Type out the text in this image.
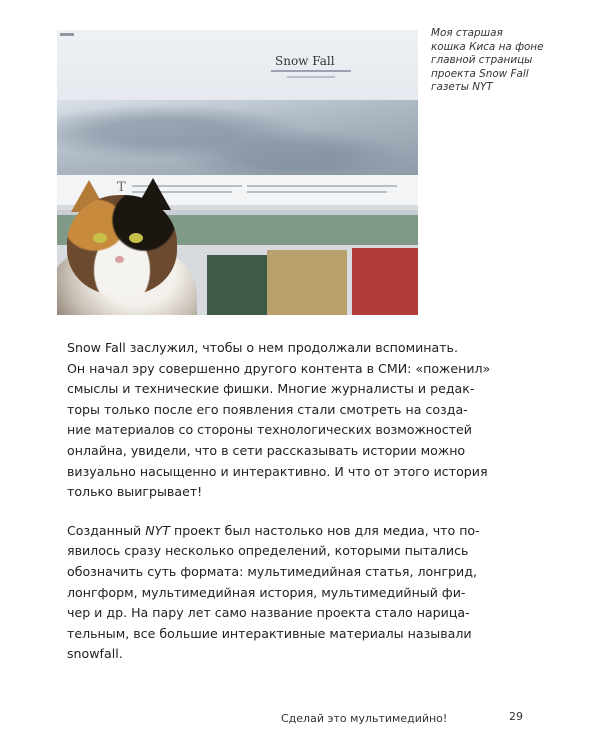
Snow Fall
T
Моя старшая
кошка Киса на фоне
главной страницы
проекта Snow Fall
газеты NYT

Snow Fall заслужил, чтобы о нем продолжали вспоминать.
Он начал эру совершенно другого контента в СМИ: «поженил»
смыслы и технические фишки. Многие журналисты и редак-
торы только после его появления стали смотреть на созда-
ние материалов со стороны технологических возможностей
онлайна, увидели, что в сети рассказывать истории можно
визуально насыщенно и интерактивно. И что от этого история
только выигрывает!

Созданный NYT проект был настолько нов для медиа, что по-
явилось сразу несколько определений, которыми пытались
обозначить суть формата: мультимедийная статья, лонгрид,
лонгформ, мультимедийная история, мультимедийный фи-
чер и др. На пару лет само название проекта стало нарица-
тельным, все большие интерактивные материалы называли
snowfall.

Сделай это мультимедийно!	29
